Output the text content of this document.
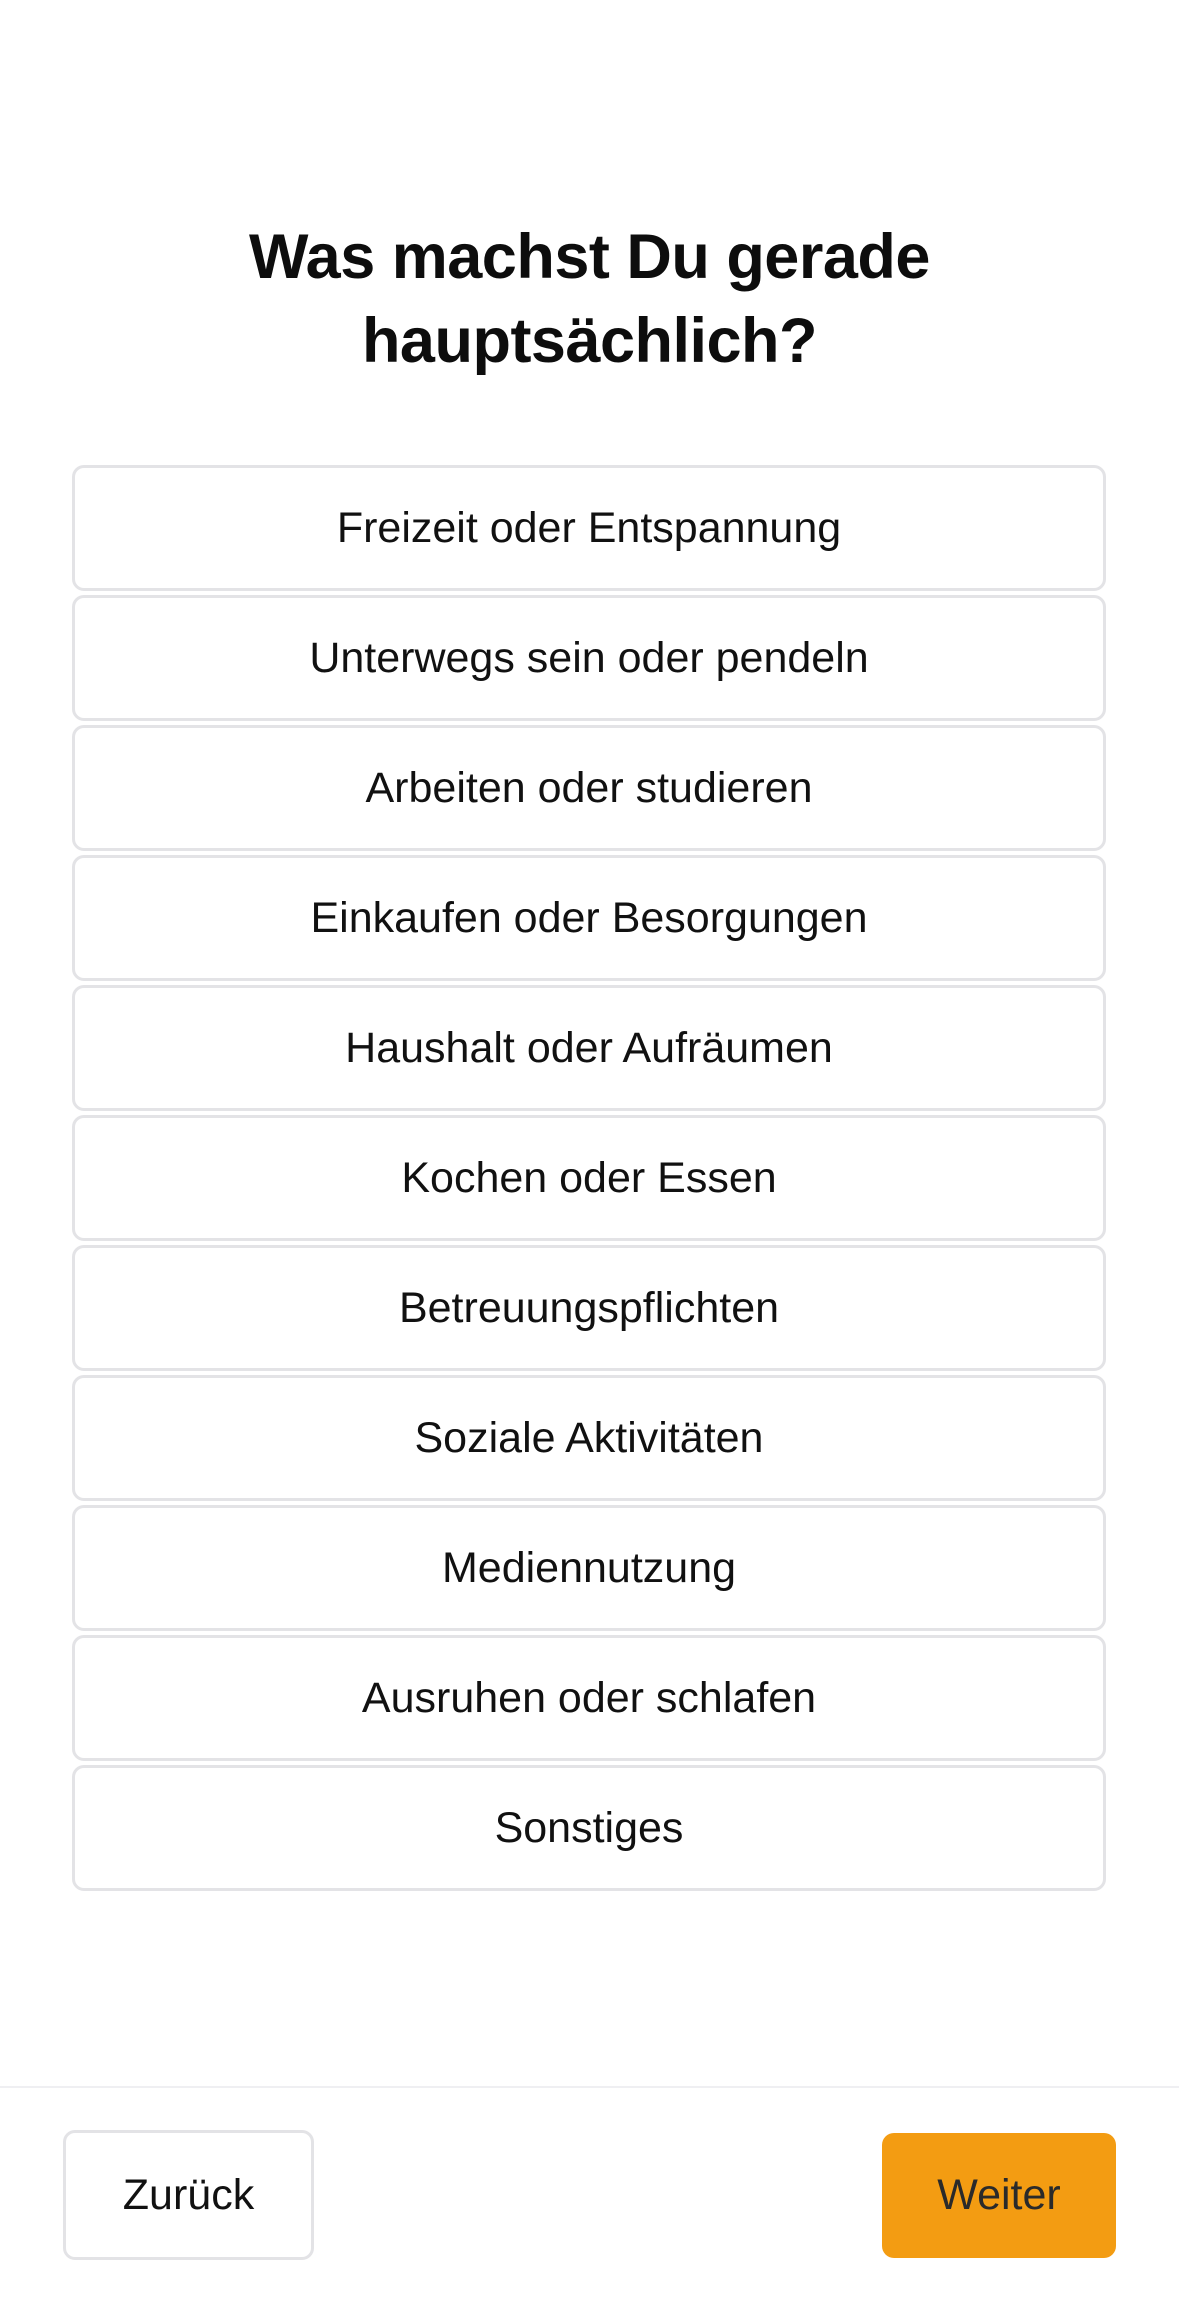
Was machst Du gerade
hauptsächlich?
Freizeit oder Entspannung
Unterwegs sein oder pendeln
Arbeiten oder studieren
Einkaufen oder Besorgungen
Haushalt oder Aufräumen
Kochen oder Essen
Betreuungspflichten
Soziale Aktivitäten
Mediennutzung
Ausruhen oder schlafen
Sonstiges
Zurück	Weiter
